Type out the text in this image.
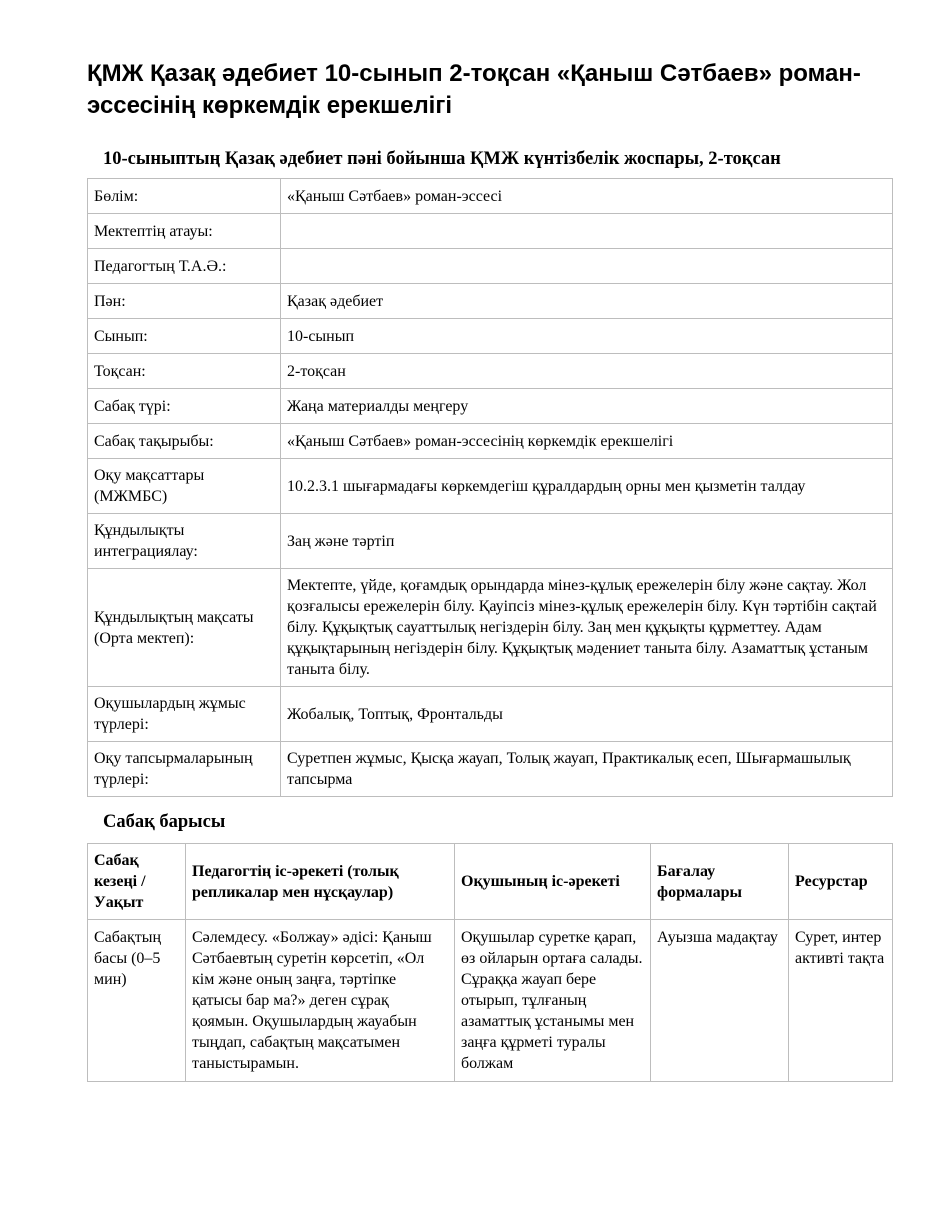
ҚМЖ Қазақ әдебиет 10-сынып 2-тоқсан «Қаныш Сәтбаев» роман-эссесінің көркемдік ерекшелігі
10-сыныптың Қазақ әдебиет пәні бойынша ҚМЖ күнтізбелік жоспары, 2-тоқсан
Бөлім:	«Қаныш Сәтбаев» роман-эссесі
Мектептің атауы:	
Педагогтың Т.А.Ә.:	
Пән:	Қазақ әдебиет
Сынып:	10-сынып
Тоқсан:	2-тоқсан
Сабақ түрі:	Жаңа материалды меңгеру
Сабақ тақырыбы:	«Қаныш Сәтбаев» роман-эссесінің көркемдік ерекшелігі
Оқу мақсаттары (МЖМБС)	10.2.3.1 шығармадағы көркемдегіш құралдардың орны мен қызметін талдау
Құндылықты интеграциялау:	Заң және тәртіп
Құндылықтың мақсаты (Орта мектеп):	Мектепте, үйде, қоғамдық орындарда мінез-құлық ережелерін білу және сақтау. Жол қозғалысы ережелерін білу. Қауіпсіз мінез-құлық ережелерін білу. Күн тәртібін сақтай білу. Құқықтық сауаттылық негіздерін білу. Заң мен құқықты құрметтеу. Адам құқықтарының негіздерін білу. Құқықтық мәдениет таныта білу. Азаматтық ұстаным таныта білу.
Оқушылардың жұмыс түрлері:	Жобалық, Топтық, Фронтальды
Оқу тапсырмаларының түрлері:	Суретпен жұмыс, Қысқа жауап, Толық жауап, Практикалық есеп, Шығармашылық тапсырма
Сабақ барысы
Сабақ кезеңі / Уақыт	Педагогтің іс-әрекеті (толық репликалар мен нұсқаулар)	Оқушының іс-әрекеті	Бағалау формалары	Ресурстар
Сабақтың басы (0–5 мин)	Сәлемдесу. «Болжау» әдісі: Қаныш Сәтбаевтың суретін көрсетіп, «Ол кім және оның заңға, тәртіпке қатысы бар ма?» деген сұрақ қоямын. Оқушылардың жауабын тыңдап, сабақтың мақсатымен таныстырамын.	Оқушылар суретке қарап, өз ойларын ортаға салады. Сұраққа жауап бере отырып, тұлғаның азаматтық ұстанымы мен заңға құрметі туралы болжам	Ауызша мадақтау	Сурет, интерактивті тақта
